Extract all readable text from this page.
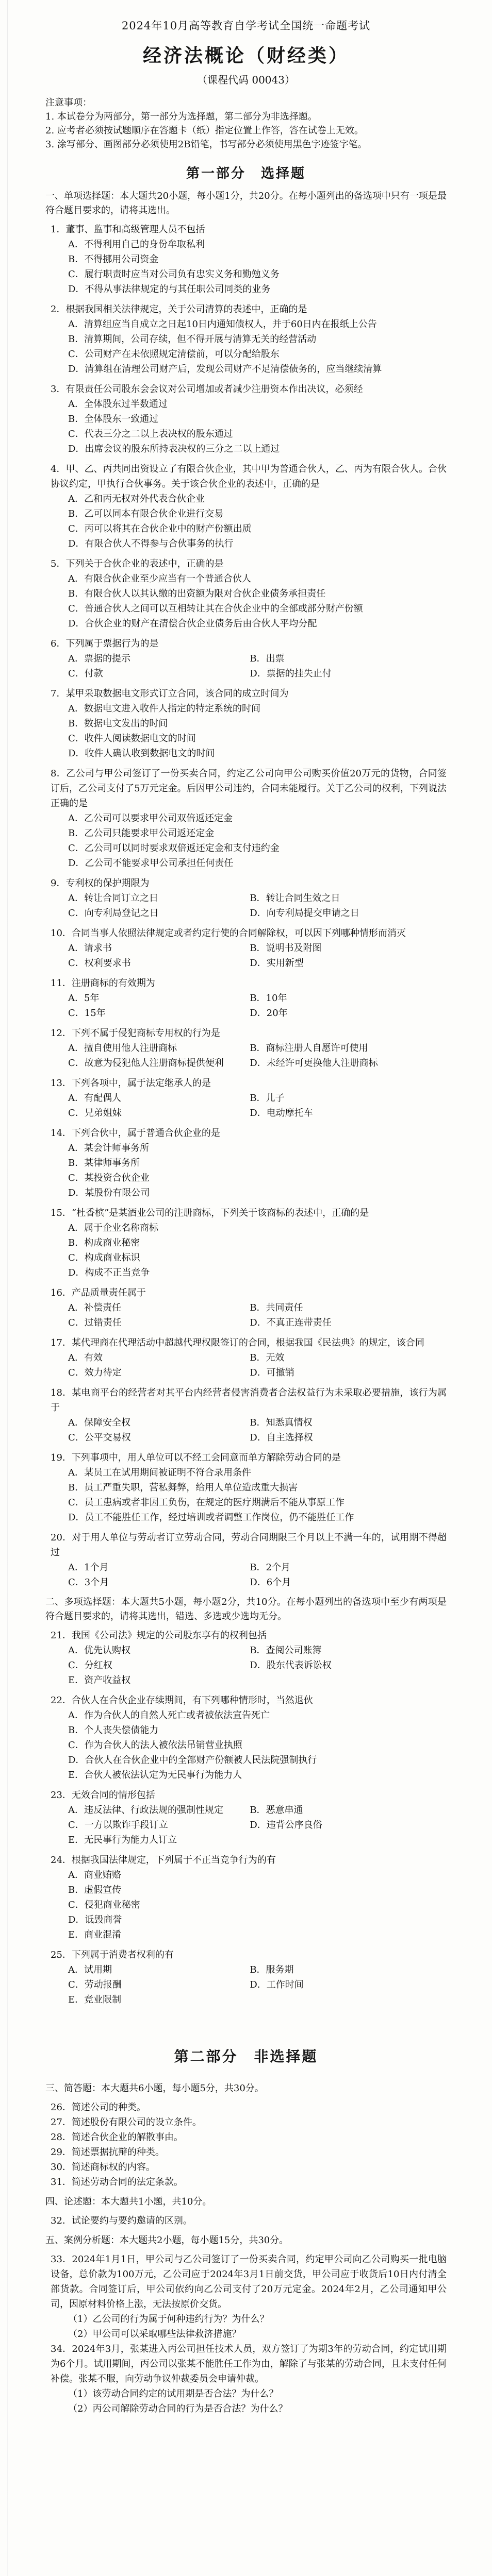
2024年10月高等教育自学考试全国统一命题考试

经济法概论（财经类）

（课程代码 00043）

注意事项：

1. 本试卷分为两部分，第一部分为选择题，第二部分为非选择题。

2. 应考者必须按试题顺序在答题卡（纸）指定位置上作答，答在试卷上无效。

3. 涂写部分、画图部分必须使用2B铅笔，书写部分必须使用黑色字迹签字笔。

第一部分　选择题

一、单项选择题：本大题共20小题，每小题1分，共20分。在每小题列出的备选项中只有一项是最符合题目要求的，请将其选出。

1．董事、监事和高级管理人员不包括

A．不得利用自己的身份牟取私利
B．不得挪用公司资金
C．履行职责时应当对公司负有忠实义务和勤勉义务
D．不得从事法律规定的与其任职公司同类的业务

2．根据我国相关法律规定，关于公司清算的表述中，正确的是

A．清算组应当自成立之日起10日内通知债权人，并于60日内在报纸上公告
B．清算期间，公司存续，但不得开展与清算无关的经营活动
C．公司财产在未依照规定清偿前，可以分配给股东
D．清算组在清理公司财产后，发现公司财产不足清偿债务的，应当继续清算

3．有限责任公司股东会会议对公司增加或者减少注册资本作出决议，必须经

A．全体股东过半数通过
B．全体股东一致通过
C．代表三分之二以上表决权的股东通过
D．出席会议的股东所持表决权的三分之二以上通过

4．甲、乙、丙共同出资设立了有限合伙企业，其中甲为普通合伙人，乙、丙为有限合伙人。合伙协议约定，甲执行合伙事务。关于该合伙企业的表述中，正确的是

A．乙和丙无权对外代表合伙企业
B．乙可以同本有限合伙企业进行交易
C．丙可以将其在合伙企业中的财产份额出质
D．有限合伙人不得参与合伙事务的执行

5．下列关于合伙企业的表述中，正确的是

A．有限合伙企业至少应当有一个普通合伙人
B．有限合伙人以其认缴的出资额为限对合伙企业债务承担责任
C．普通合伙人之间可以互相转让其在合伙企业中的全部或部分财产份额
D．合伙企业的财产在清偿合伙企业债务后由合伙人平均分配

6．下列属于票据行为的是

A．票据的提示	B．出票C．付款	D．票据的挂失止付

7．某甲采取数据电文形式订立合同，该合同的成立时间为

A．数据电文进入收件人指定的特定系统的时间
B．数据电文发出的时间
C．收件人阅读数据电文的时间
D．收件人确认收到数据电文的时间

8．乙公司与甲公司签订了一份买卖合同，约定乙公司向甲公司购买价值20万元的货物，合同签订后，乙公司支付了5万元定金。后因甲公司违约，合同未能履行。关于乙公司的权利，下列说法正确的是

A．乙公司可以要求甲公司双倍返还定金
B．乙公司只能要求甲公司返还定金
C．乙公司可以同时要求双倍返还定金和支付违约金
D．乙公司不能要求甲公司承担任何责任

9．专利权的保护期限为

A．转让合同订立之日	B．转让合同生效之日C．向专利局登记之日	D．向专利局提交申请之日

10．合同当事人依照法律规定或者约定行使的合同解除权，可以因下列哪种情形而消灭

A．请求书	B．说明书及附图C．权利要求书	D．实用新型

11．注册商标的有效期为

A．5年	B．10年C．15年	D．20年

12．下列不属于侵犯商标专用权的行为是

A．擅自使用他人注册商标	B．商标注册人自愿许可使用C．故意为侵犯他人注册商标提供便利	D．未经许可更换他人注册商标

13．下列各项中，属于法定继承人的是

A．有配偶人	B．儿子C．兄弟姐妹	D．电动摩托车

14．下列合伙中，属于普通合伙企业的是

A．某会计师事务所
B．某律师事务所
C．某投资合伙企业
D．某股份有限公司

15．“杜香槟”是某酒业公司的注册商标，下列关于该商标的表述中，正确的是

A．属于企业名称商标
B．构成商业秘密
C．构成商业标识
D．构成不正当竞争

16．产品质量责任属于

A．补偿责任	B．共同责任C．过错责任	D．不真正连带责任

17．某代理商在代理活动中超越代理权限签订的合同，根据我国《民法典》的规定，该合同

A．有效	B．无效C．效力待定	D．可撤销

18．某电商平台的经营者对其平台内经营者侵害消费者合法权益行为未采取必要措施，该行为属于

A．保障安全权	B．知悉真情权C．公平交易权	D．自主选择权

19．下列事项中，用人单位可以不经工会同意而单方解除劳动合同的是

A．某员工在试用期间被证明不符合录用条件
B．员工严重失职，营私舞弊，给用人单位造成重大损害
C．员工患病或者非因工负伤，在规定的医疗期满后不能从事原工作
D．员工不能胜任工作，经过培训或者调整工作岗位，仍不能胜任工作

20．对于用人单位与劳动者订立劳动合同，劳动合同期限三个月以上不满一年的，试用期不得超过

A．1个月	B．2个月C．3个月	D．6个月

二、多项选择题：本大题共5小题，每小题2分，共10分。在每小题列出的备选项中至少有两项是符合题目要求的，请将其选出，错选、多选或少选均无分。

21．我国《公司法》规定的公司股东享有的权利包括

A．优先认购权	B．查阅公司账簿C．分红权	D．股东代表诉讼权E．资产收益权

22．合伙人在合伙企业存续期间，有下列哪种情形时，当然退伙

A．作为合伙人的自然人死亡或者被依法宣告死亡
B．个人丧失偿债能力
C．作为合伙人的法人被依法吊销营业执照
D．合伙人在合伙企业中的全部财产份额被人民法院强制执行
E．合伙人被依法认定为无民事行为能力人

23．无效合同的情形包括

A．违反法律、行政法规的强制性规定	B．恶意串通C．一方以欺诈手段订立	D．违背公序良俗E．无民事行为能力人订立

24．根据我国法律规定，下列属于不正当竞争行为的有

A．商业贿赂
B．虚假宣传
C．侵犯商业秘密
D．诋毁商誉
E．商业混淆

25．下列属于消费者权利的有

A．试用期	B．服务期C．劳动报酬	D．工作时间E．竞业限制
第二部分　非选择题

三、简答题：本大题共6小题，每小题5分，共30分。

26．简述公司的种类。

27．简述股份有限公司的设立条件。

28．简述合伙企业的解散事由。

29．简述票据抗辩的种类。

30．简述商标权的内容。

31．简述劳动合同的法定条款。

四、论述题：本大题共1小题，共10分。

32．试论要约与要约邀请的区别。

五、案例分析题：本大题共2小题，每小题15分，共30分。

33．2024年1月1日，甲公司与乙公司签订了一份买卖合同，约定甲公司向乙公司购买一批电脑设备，总价款为100万元，乙公司应于2024年3月1日前交货，甲公司应于收货后10日内付清全部货款。合同签订后，甲公司依约向乙公司支付了20万元定金。2024年2月，乙公司通知甲公司，因原材料价格上涨，无法按原价交货。

（1）乙公司的行为属于何种违约行为？为什么？

（2）甲公司可以采取哪些法律救济措施？

34．2024年3月，张某进入丙公司担任技术人员，双方签订了为期3年的劳动合同，约定试用期为6个月。试用期间，丙公司以张某不能胜任工作为由，解除了与张某的劳动合同，且未支付任何补偿。张某不服，向劳动争议仲裁委员会申请仲裁。

（1）该劳动合同约定的试用期是否合法？为什么？

（2）丙公司解除劳动合同的行为是否合法？为什么？
